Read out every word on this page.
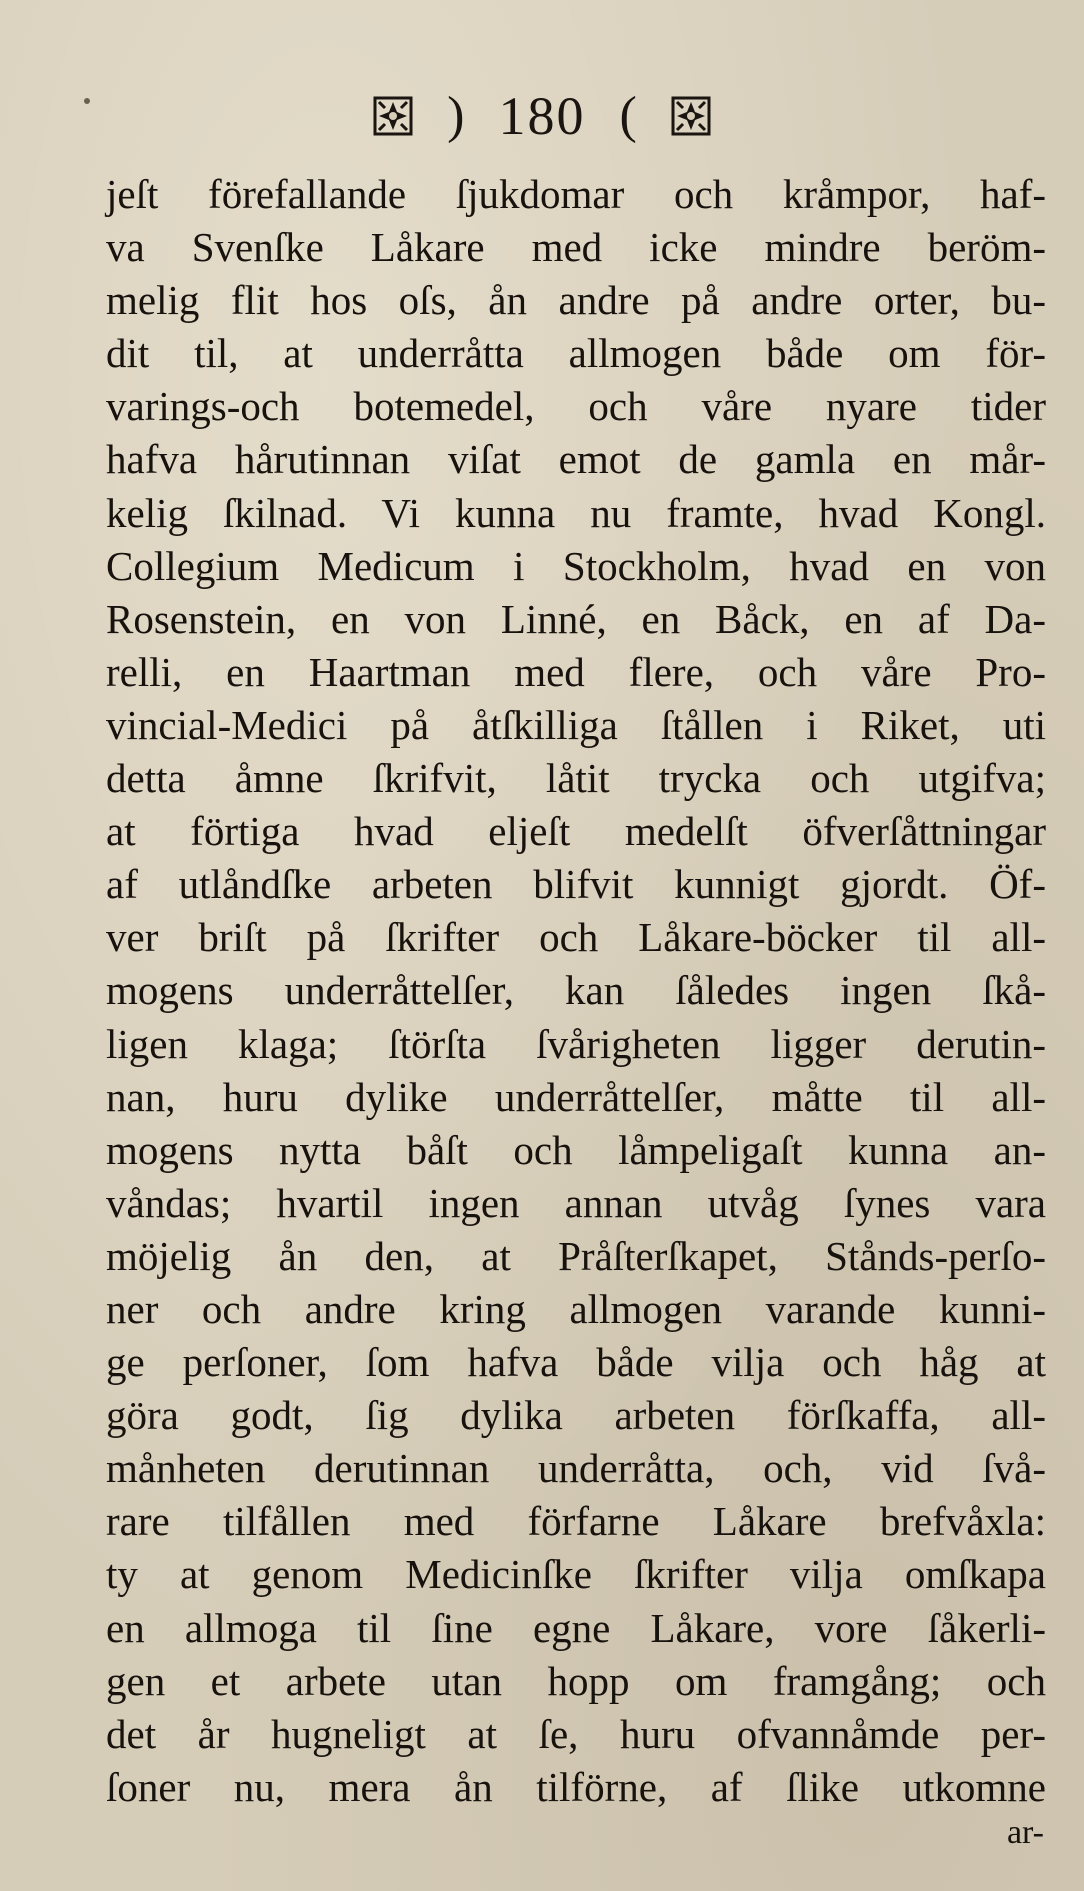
) 180 (
jeſt förefallande ſjukdomar och kråmpor, haf-
va Svenſke Låkare med icke mindre beröm-
melig flit hos oſs, ån andre på andre orter, bu-
dit til, at underråtta allmogen både om för-
varings-och botemedel, och våre nyare tider
hafva hårutinnan viſat emot de gamla en mår-
kelig ſkilnad. Vi kunna nu framte, hvad Kongl.
Collegium Medicum i Stockholm, hvad en von
Rosenstein, en von Linné, en Båck, en af Da-
relli, en Haartman med flere, och våre Pro-
vincial-Medici på åtſkilliga ſtållen i Riket, uti
detta åmne ſkrifvit, låtit trycka och utgifva;
at förtiga hvad eljeſt medelſt öfverſåttningar
af utlåndſke arbeten blifvit kunnigt gjordt. Öf-
ver briſt på ſkrifter och Låkare-böcker til all-
mogens underråttelſer, kan ſåledes ingen ſkå-
ligen klaga; ſtörſta ſvårigheten ligger derutin-
nan, huru dylike underråttelſer, måtte til all-
mogens nytta båſt och låmpeligaſt kunna an-
våndas; hvartil ingen annan utvåg ſynes vara
möjelig ån den, at Pråſterſkapet, Stånds-perſo-
ner och andre kring allmogen varande kunni-
ge perſoner, ſom hafva både vilja och håg at
göra godt, ſig dylika arbeten förſkaffa, all-
månheten derutinnan underråtta, och, vid ſvå-
rare tilfållen med förfarne Låkare brefvåxla:
ty at genom Medicinſke ſkrifter vilja omſkapa
en allmoga til ſine egne Låkare, vore ſåkerli-
gen et arbete utan hopp om framgång; och
det år hugneligt at ſe, huru ofvannåmde per-
ſoner nu, mera ån tilförne, af ſlike utkomne
ar-
